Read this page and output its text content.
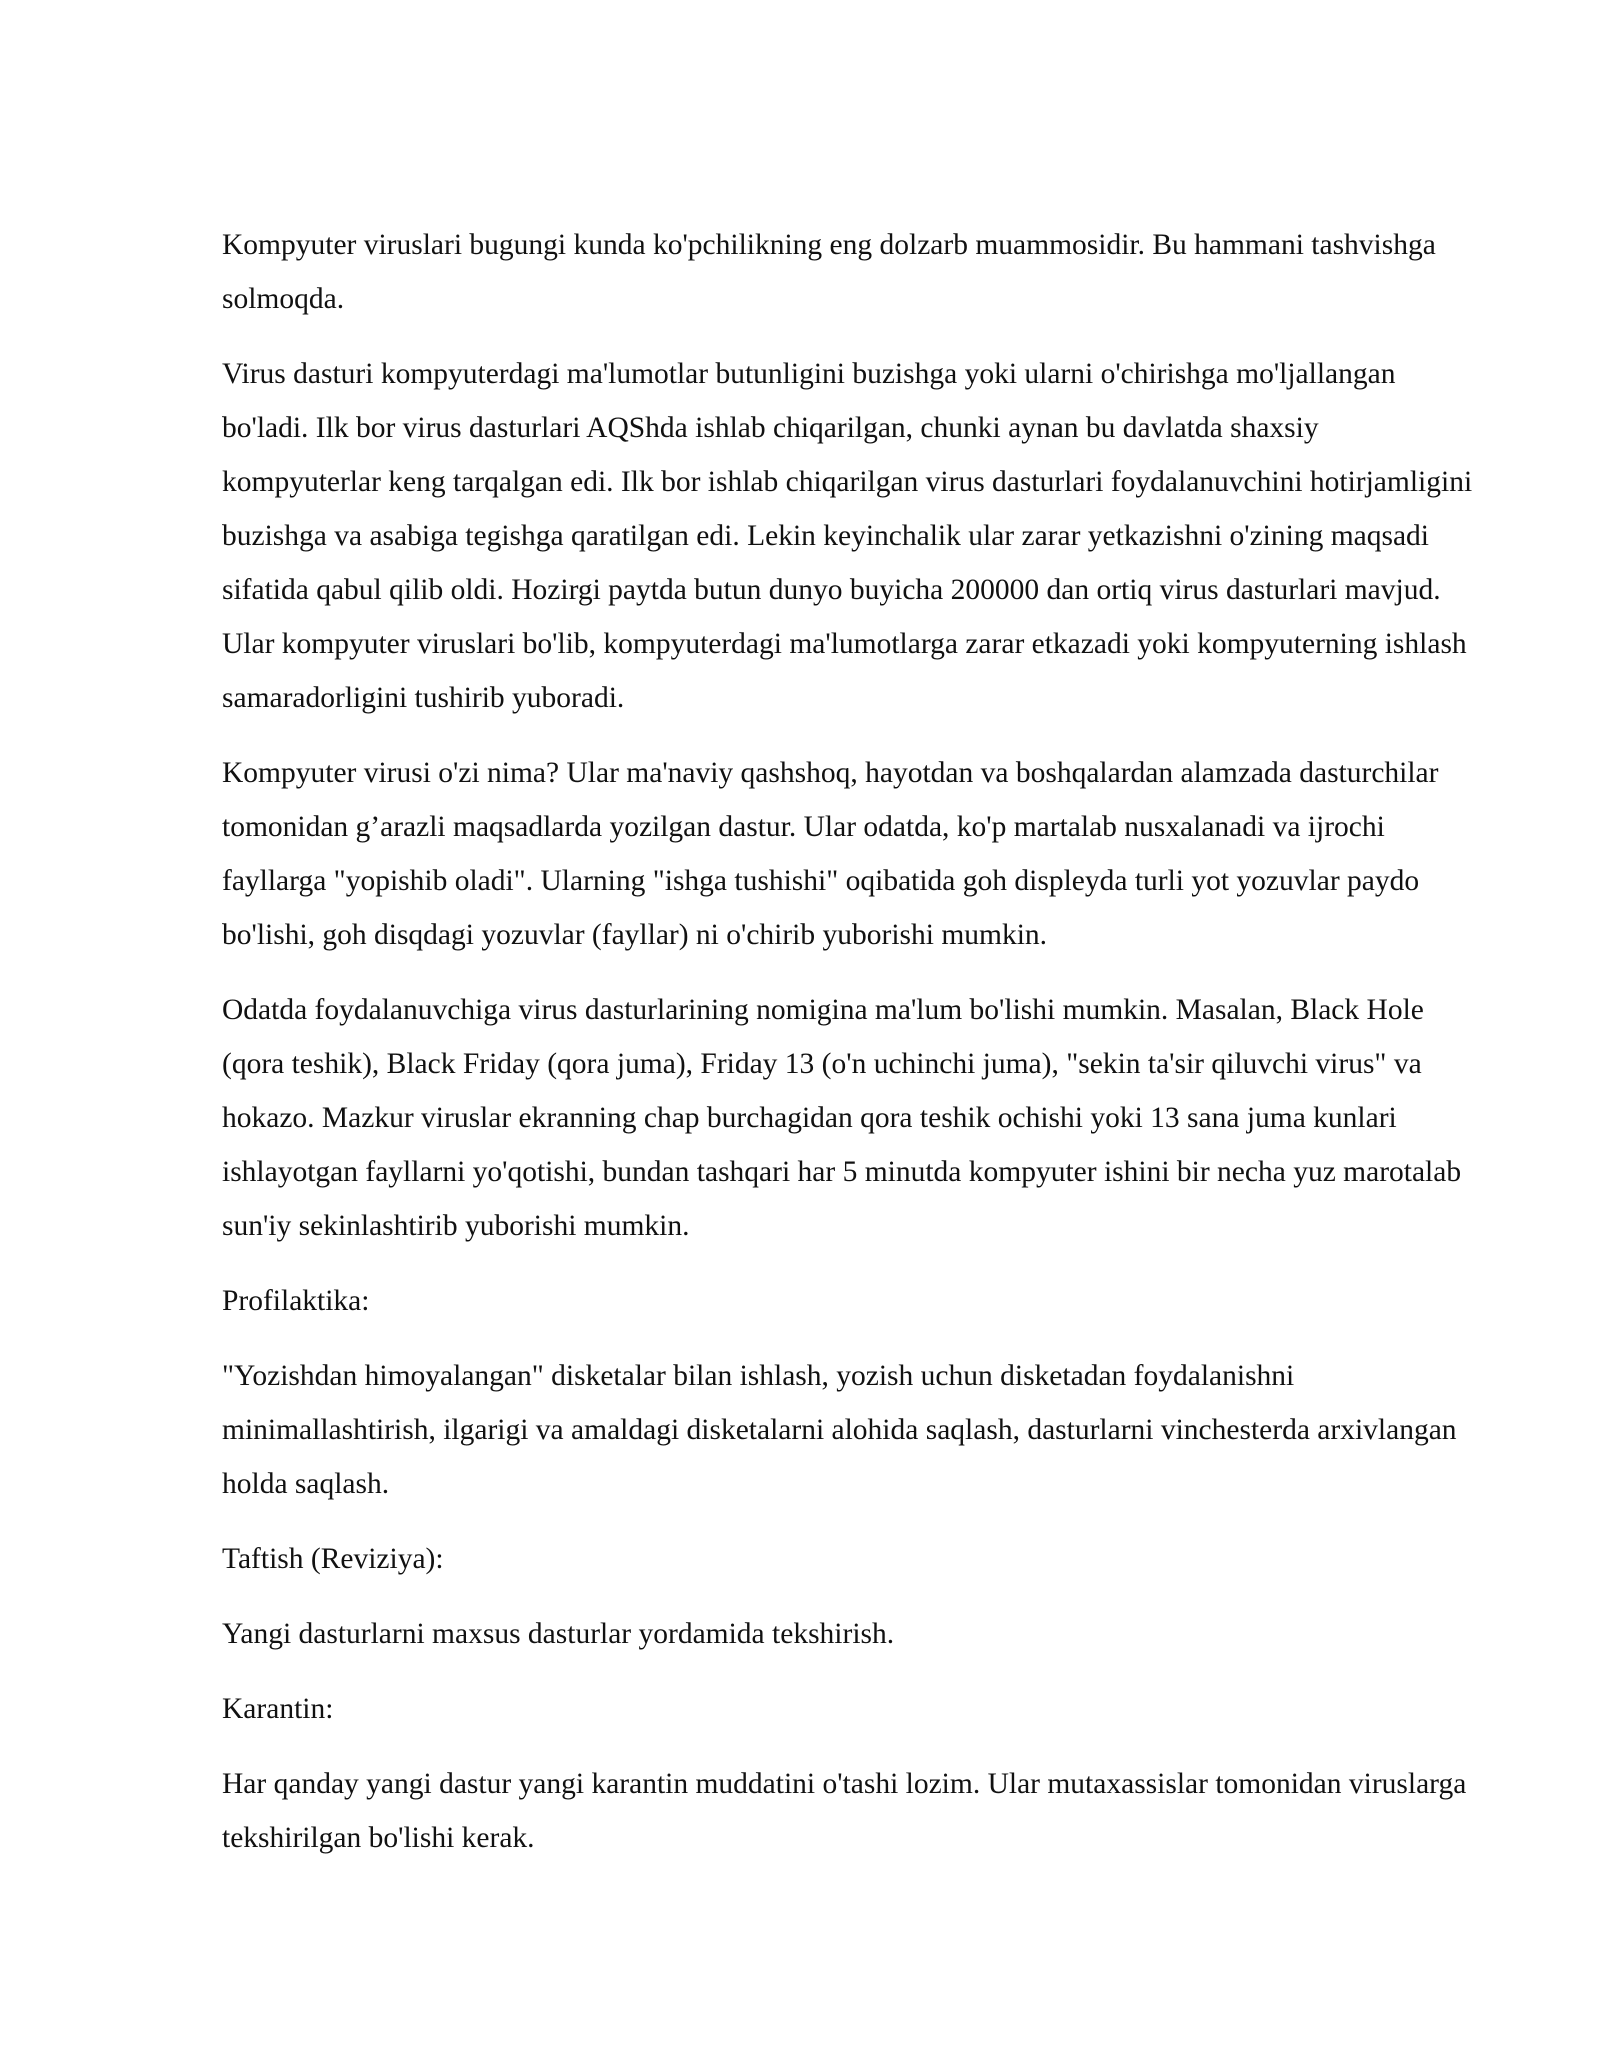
Kompyuter viruslari bugungi kunda ko'pchilikning eng dolzarb muammosidir. Bu hammani tashvishga solmoqda.

Virus dasturi kompyuterdagi ma'lumotlar butunligini buzishga yoki ularni o'chirishga mo'ljallangan bo'ladi. Ilk bor virus dasturlari AQShda ishlab chiqarilgan, chunki aynan bu davlatda shaxsiy kompyuterlar keng tarqalgan edi. Ilk bor ishlab chiqarilgan virus dasturlari foydalanuvchini hotirjamligini buzishga va asabiga tegishga qaratilgan edi. Lekin keyinchalik ular zarar yetkazishni o'zining maqsadi sifatida qabul qilib oldi. Hozirgi paytda butun dunyo buyicha 200000 dan ortiq virus dasturlari mavjud. Ular kompyuter viruslari bo'lib, kompyuterdagi ma'lumotlarga zarar etkazadi yoki kompyuterning ishlash samaradorligini tushirib yuboradi.

Kompyuter virusi o'zi nima? Ular ma'naviy qashshoq, hayotdan va boshqalardan alamzada dasturchilar tomonidan g’arazli maqsadlarda yozilgan dastur. Ular odatda, ko'p martalab nusxalanadi va ijrochi fayllarga "yopishib oladi". Ularning "ishga tushishi" oqibatida goh displeyda turli yot yozuvlar paydo bo'lishi, goh disqdagi yozuvlar (fayllar) ni o'chirib yuborishi mumkin.

Odatda foydalanuvchiga virus dasturlarining nomigina ma'lum bo'lishi mumkin. Masalan, Black Hole (qora teshik), Black Friday (qora juma), Friday 13 (o'n uchinchi juma), "sekin ta'sir qiluvchi virus" va hokazo. Mazkur viruslar ekranning chap burchagidan qora teshik ochishi yoki 13 sana juma kunlari ishlayotgan fayllarni yo'qotishi, bundan tashqari har 5 minutda kompyuter ishini bir necha yuz marotalab sun'iy sekinlashtirib yuborishi mumkin.

Profilaktika:

"Yozishdan himoyalangan" disketalar bilan ishlash, yozish uchun disketadan foydalanishni minimallashtirish, ilgarigi va amaldagi disketalarni alohida saqlash, dasturlarni vinchesterda arxivlangan holda saqlash.

Taftish (Reviziya):

Yangi dasturlarni maxsus dasturlar yordamida tekshirish.

Karantin:

Har qanday yangi dastur yangi karantin muddatini o'tashi lozim. Ular mutaxassislar tomonidan viruslarga tekshirilgan bo'lishi kerak.
